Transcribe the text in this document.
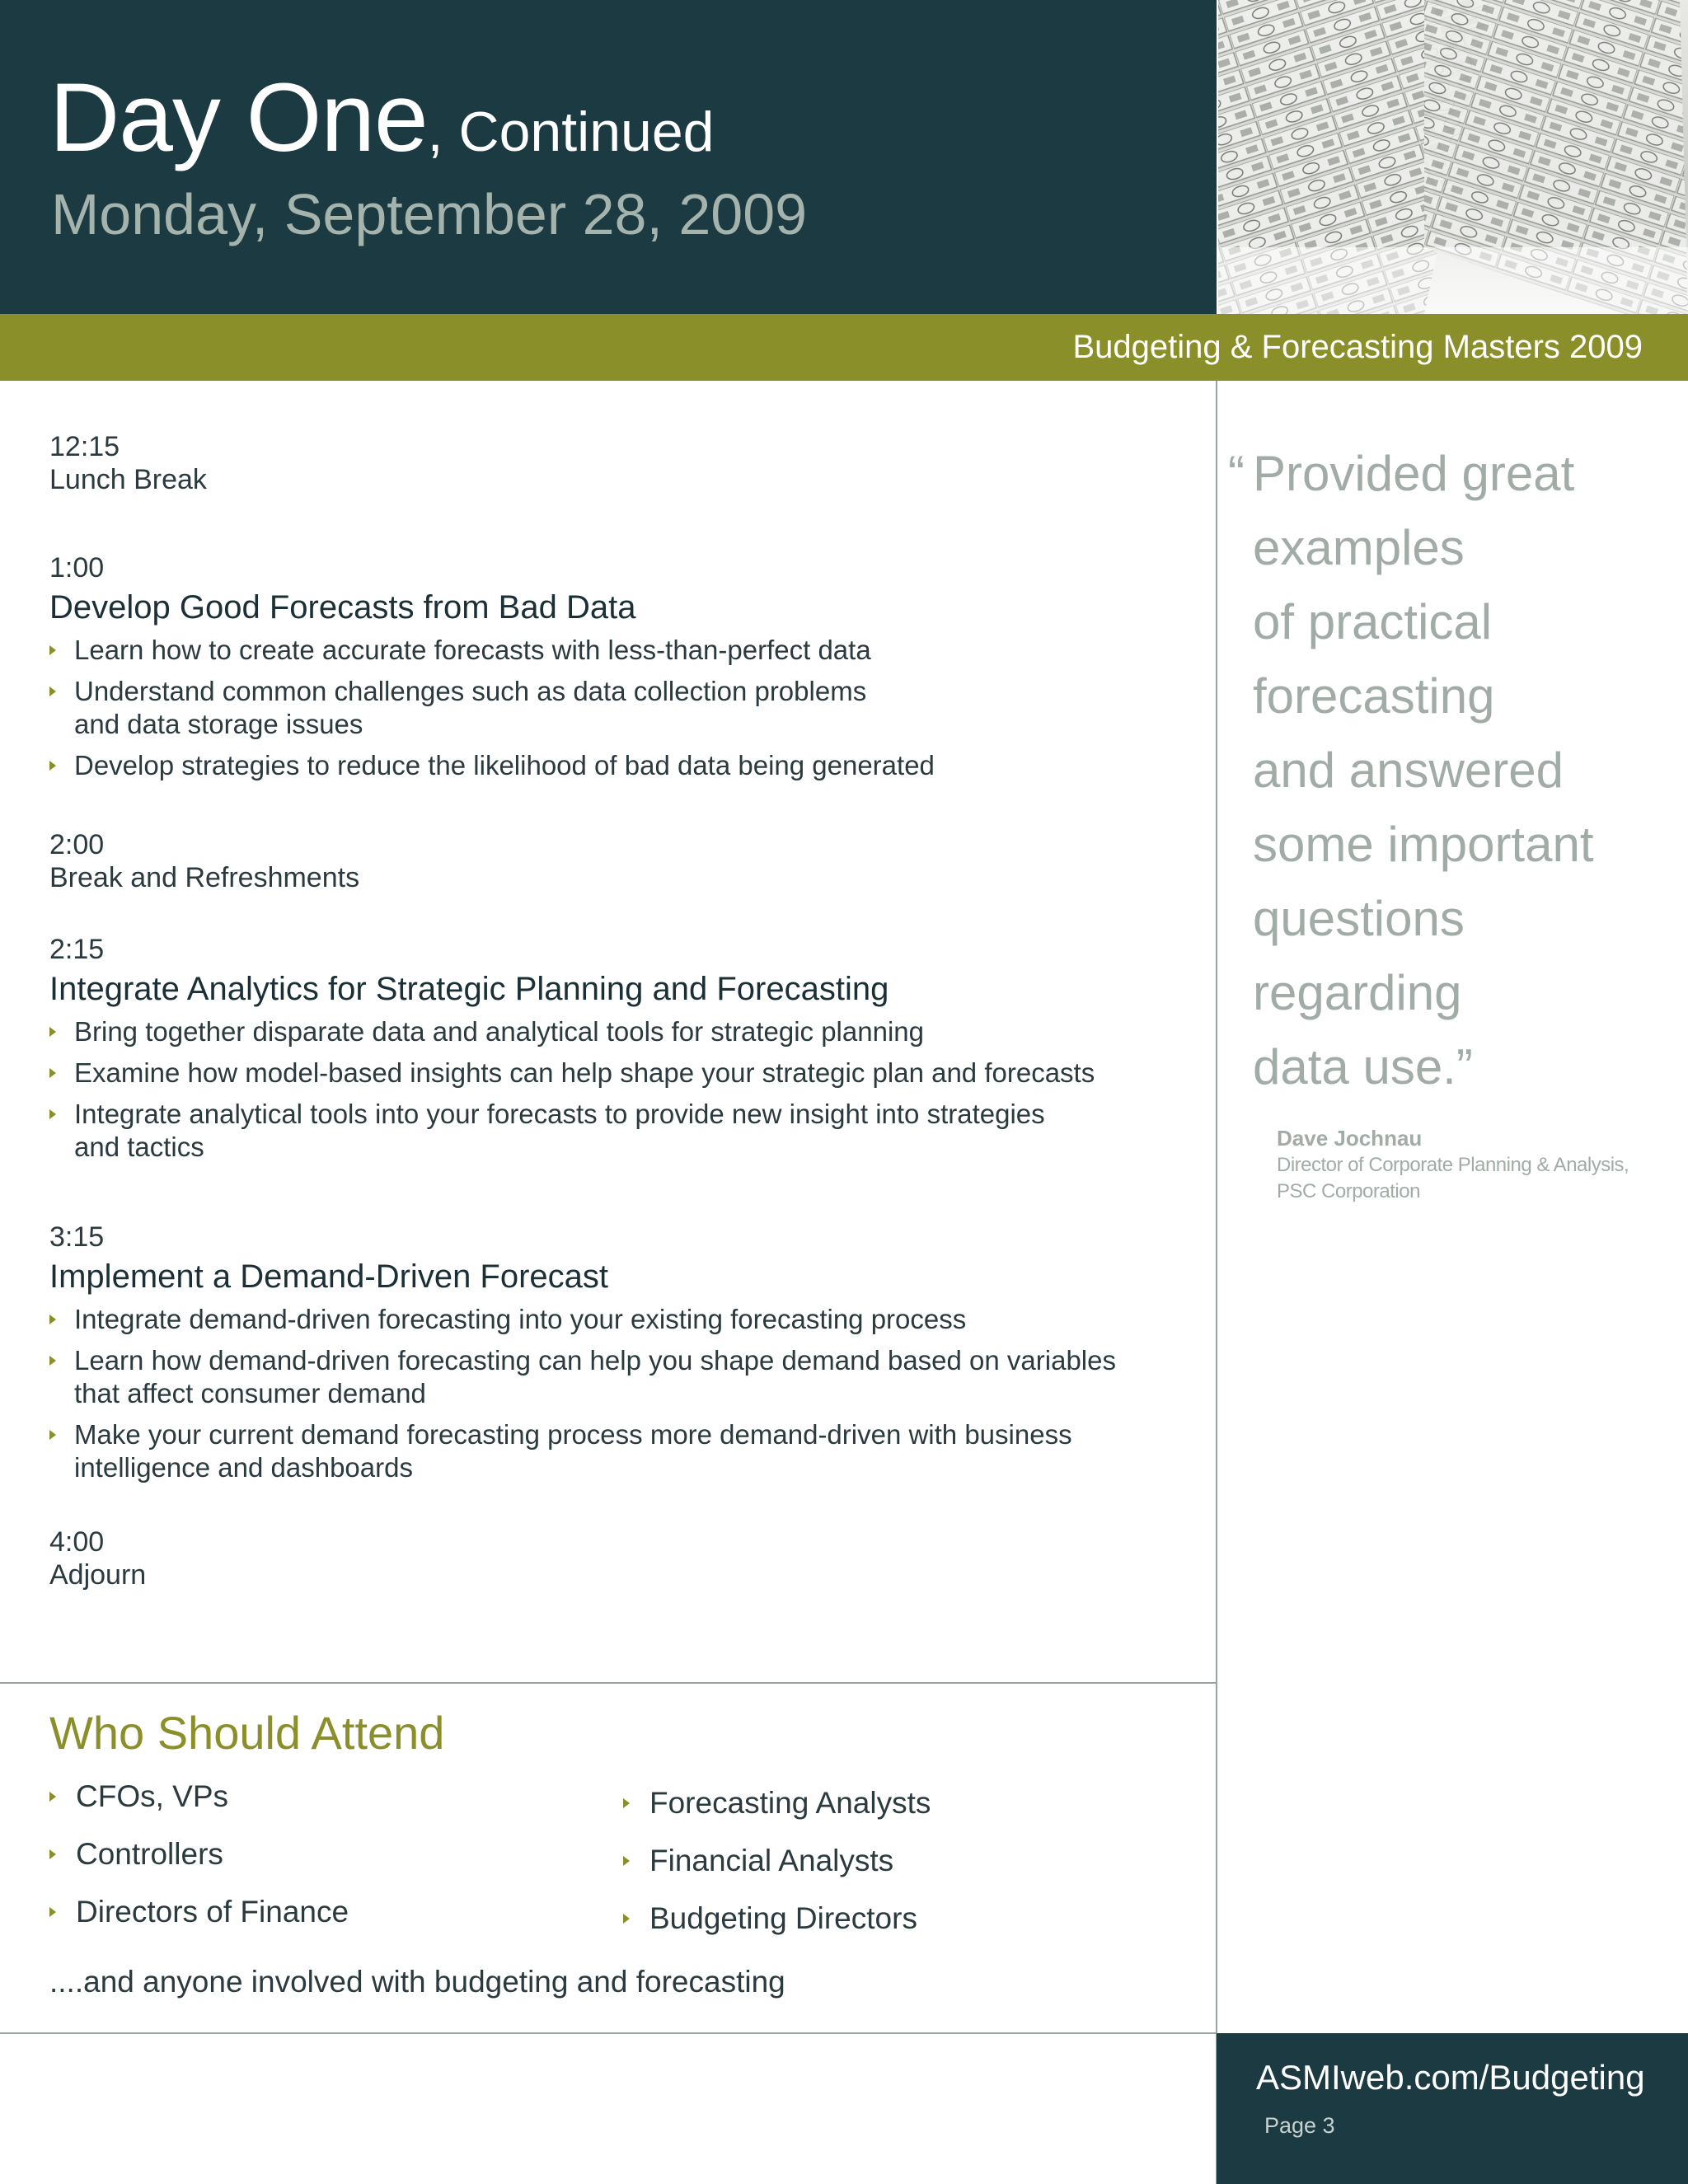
Day One, Continued
Monday, September 28, 2009
Budgeting & Forecasting Masters 2009
12:15
Lunch Break
1:00
Develop Good Forecasts from Bad Data
Learn how to create accurate forecasts with less-than-perfect data
Understand common challenges such as data collection problems and data storage issues
Develop strategies to reduce the likelihood of bad data being generated
2:00
Break and Refreshments
2:15
Integrate Analytics for Strategic Planning and Forecasting
Bring together disparate data and analytical tools for strategic planning
Examine how model-based insights can help shape your strategic plan and forecasts
Integrate analytical tools into your forecasts to provide new insight into strategies and tactics
3:15
Implement a Demand-Driven Forecast
Integrate demand-driven forecasting into your existing forecasting process
Learn how demand-driven forecasting can help you shape demand based on variables that affect consumer demand
Make your current demand forecasting process more demand-driven with business intelligence and dashboards
4:00
Adjourn
Who Should Attend
CFOs, VPs
Controllers
Directors of Finance
Forecasting Analysts
Financial Analysts
Budgeting Directors
....and anyone involved with budgeting and forecasting
“ Provided great
examples
of practical
forecasting
and answered
some important
questions
regarding
data use.”
Dave Jochnau
Director of Corporate Planning & Analysis,
PSC Corporation
ASMIweb.com/Budgeting
Page 3
